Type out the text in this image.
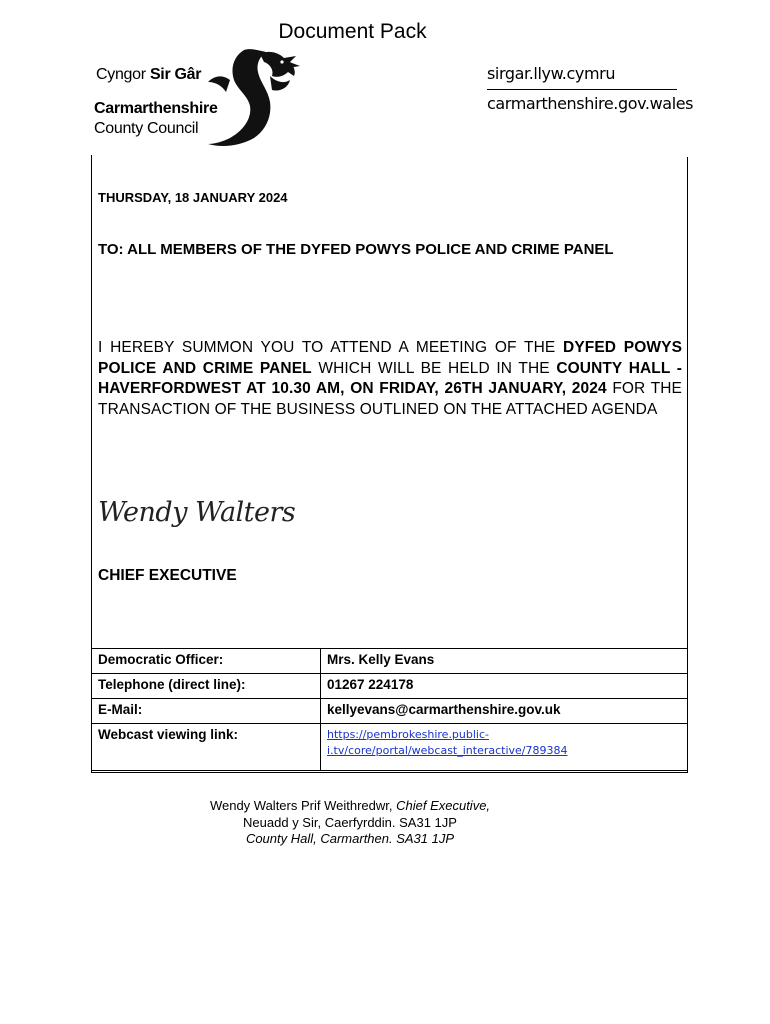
Document Pack
Cyngor Sir Gâr
Carmarthenshire
County Council
sirgar.llyw.cymru
carmarthenshire.gov.wales
THURSDAY, 18 JANUARY 2024
TO: ALL MEMBERS OF THE DYFED POWYS POLICE AND CRIME PANEL
I HEREBY SUMMON YOU TO ATTEND A MEETING OF THE DYFED POWYS POLICE AND CRIME PANEL WHICH WILL BE HELD IN THE COUNTY HALL - HAVERFORDWEST AT 10.30 AM, ON FRIDAY, 26TH JANUARY, 2024 FOR THE TRANSACTION OF THE BUSINESS OUTLINED ON THE ATTACHED AGENDA
Wendy Walters
CHIEF EXECUTIVE
Democratic Officer:	Mrs. Kelly Evans
Telephone (direct line):	01267 224178
E-Mail:	kellyevans@carmarthenshire.gov.uk
Webcast viewing link:	https://pembrokeshire.public-
i.tv/core/portal/webcast_interactive/789384
Wendy Walters Prif Weithredwr, Chief Executive,
Neuadd y Sir, Caerfyrddin. SA31 1JP
County Hall, Carmarthen. SA31 1JP
